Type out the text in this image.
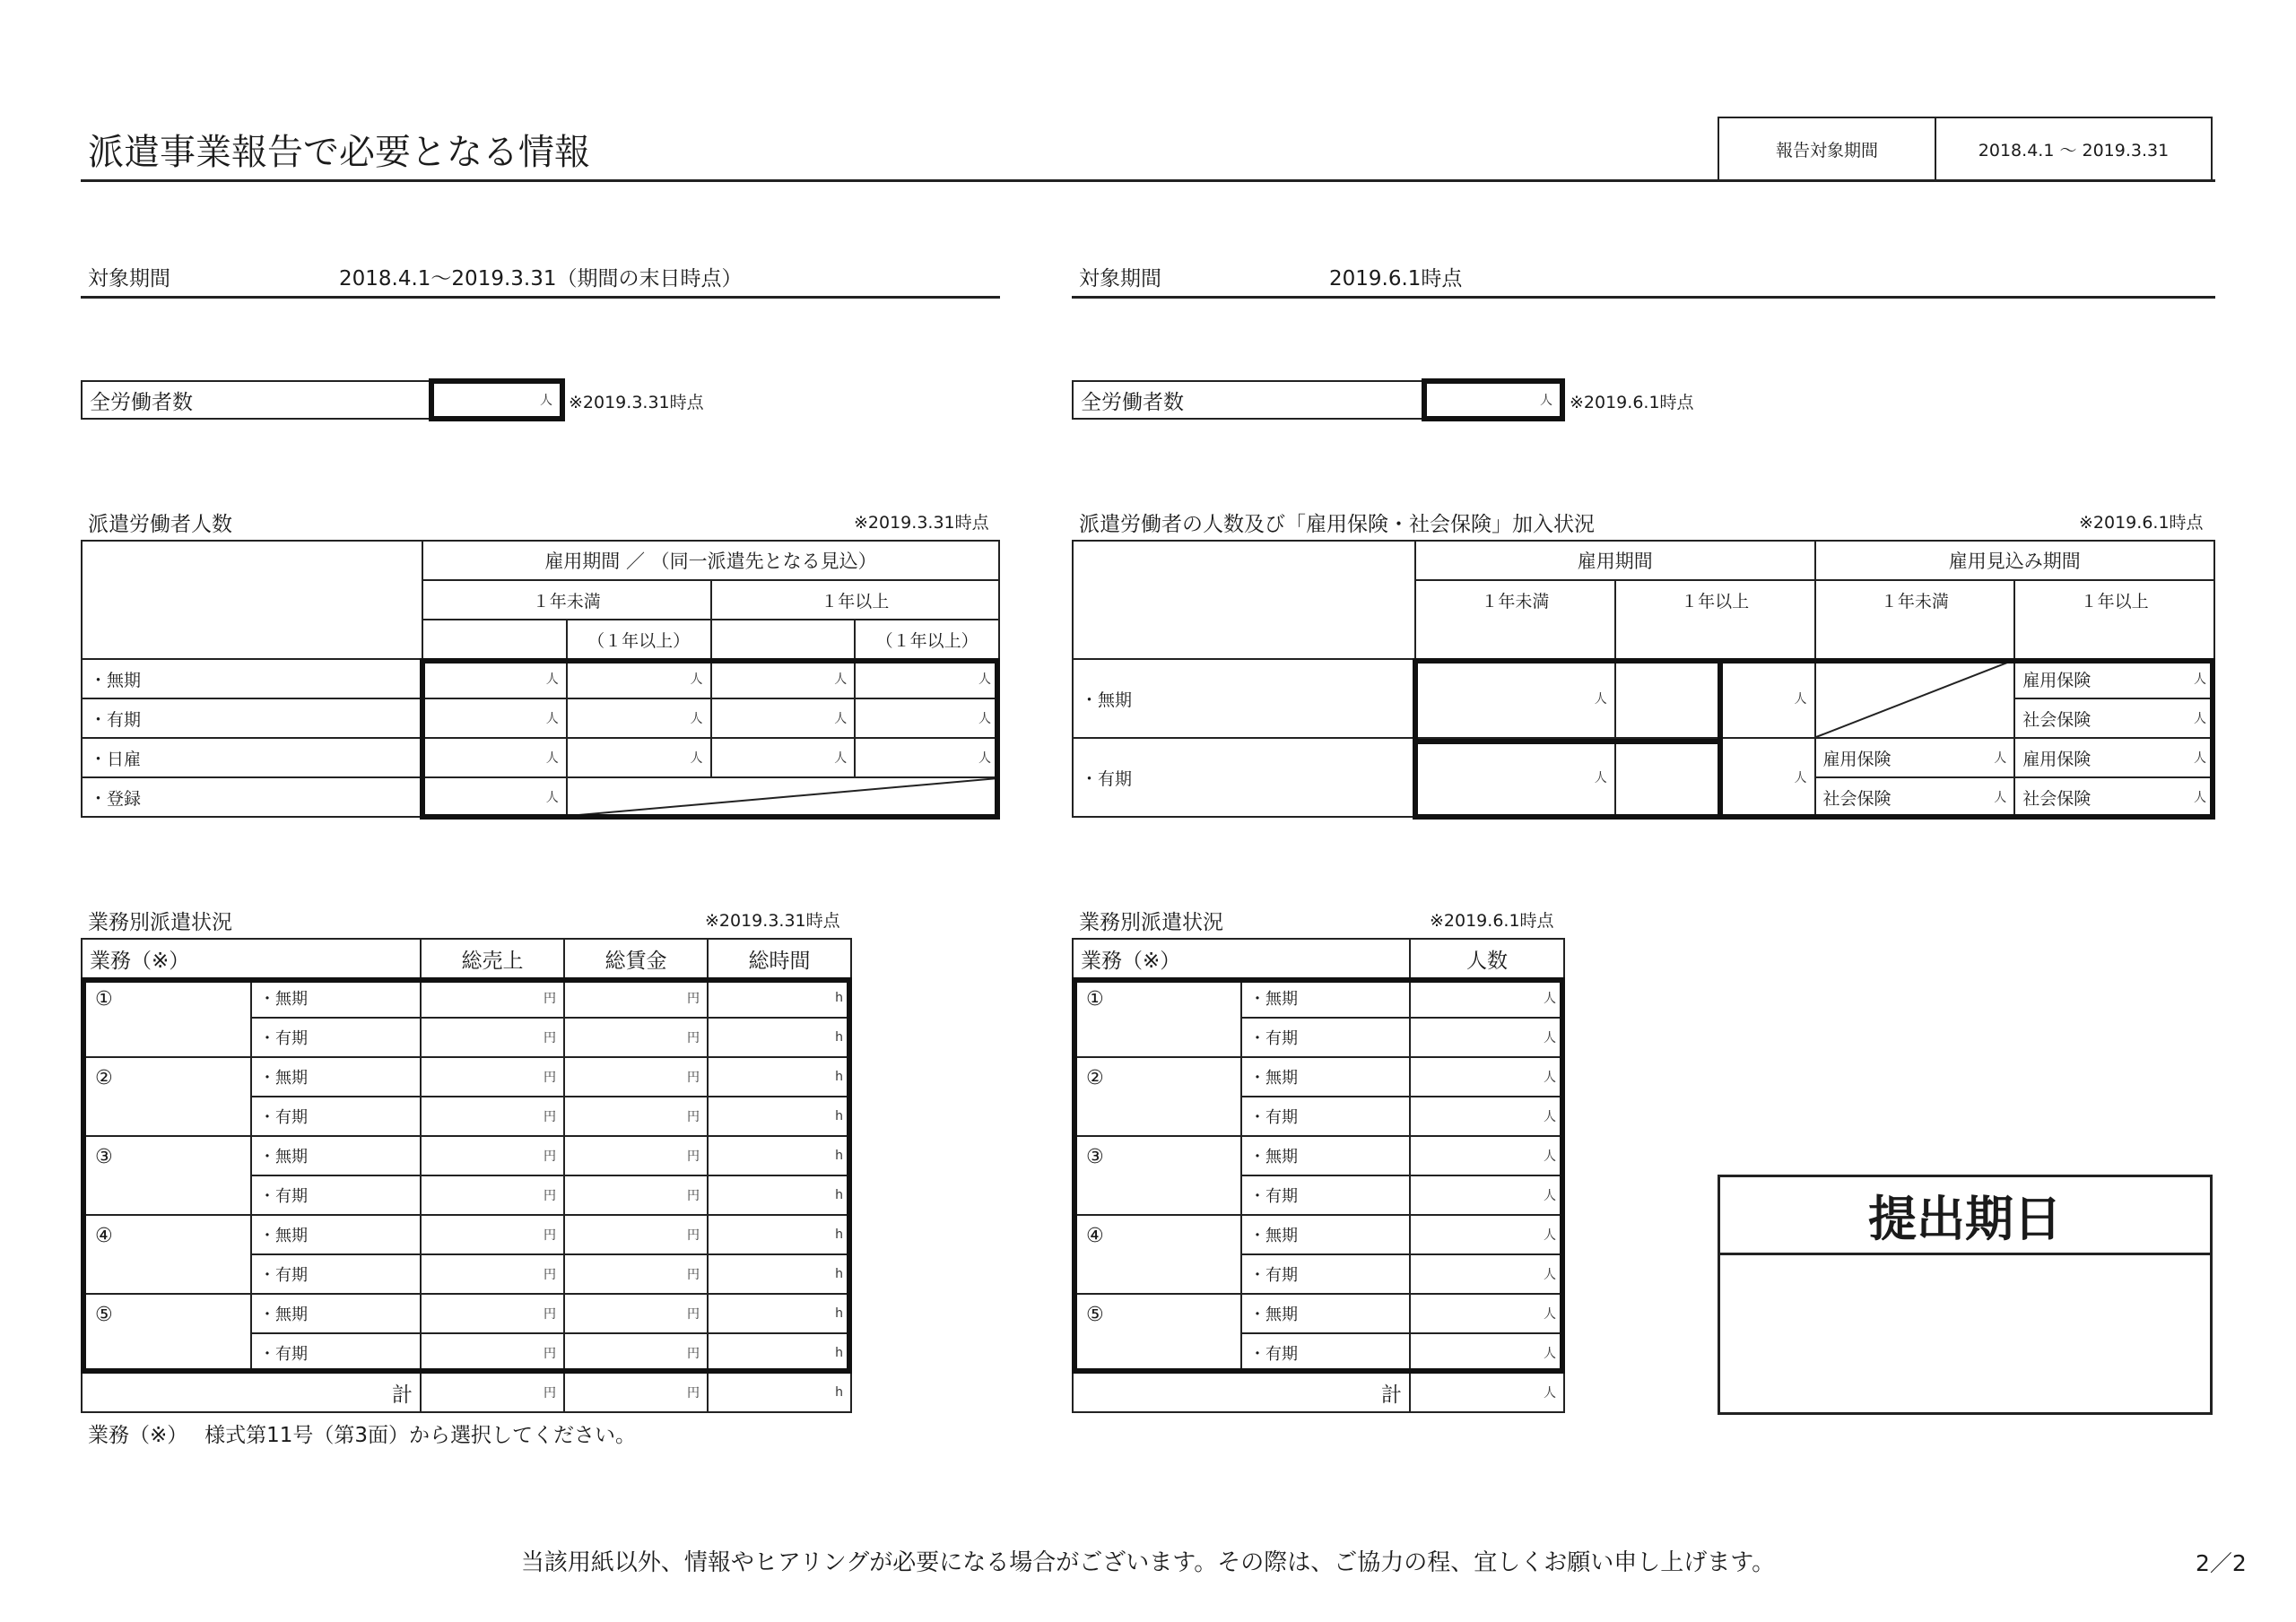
派遣事業報告で必要となる情報	報告対象期間	2018.4.1 〜 2019.3.31
対象期間	2018.4.1〜2019.3.31（期間の末日時点）	対象期間	2019.6.1時点
全労働者数	人 ※2019.3.31時点	全労働者数	人 ※2019.6.1時点
派遣労働者人数	※2019.3.31時点
	雇用期間 ／ （同一派遣先となる見込）			
	１年未満		１年以上	
		（１年以上）		（１年以上）
・無期	人	人	人	人

・有期	人	人	人	人

・日雇	人	人	人	人

・登録	人

派遣労働者の人数及び「雇用保険・社会保険」加入状況	※2019.6.1時点
	雇用期間		雇用見込み期間	
	１年未満	１年以上	１年未満	１年以上
・無期	人	人		雇用保険 人

				社会保険 人

・有期	人	人	雇用保険 人	雇用保険 人

			社会保険 人	社会保険 人
業務別派遣状況	※2019.3.31時点
業務（※）		総売上	総賃金	総時間
①	・無期	円	円	h

	・有期	円	円	h

②	・無期	円	円	h

	・有期	円	円	h

③	・無期	円	円	h

	・有期	円	円	h

④	・無期	円	円	h

	・有期	円	円	h

⑤	・無期	円	円	h

	・有期	円	円	h

計		円	円	h
業務（※）　 様式第11号（第3面）から選択してください。
業務別派遣状況	※2019.6.1時点
業務（※）		人数
①	・無期	人

	・有期	人

②	・無期	人

	・有期	人

③	・無期	人

	・有期	人

④	・無期	人

	・有期	人

⑤	・無期	人

	・有期	人

計		人
提出期日
当該用紙以外、情報やヒアリングが必要になる場合がございます。その際は、ご協力の程、宜しくお願い申し上げます。	2／2
